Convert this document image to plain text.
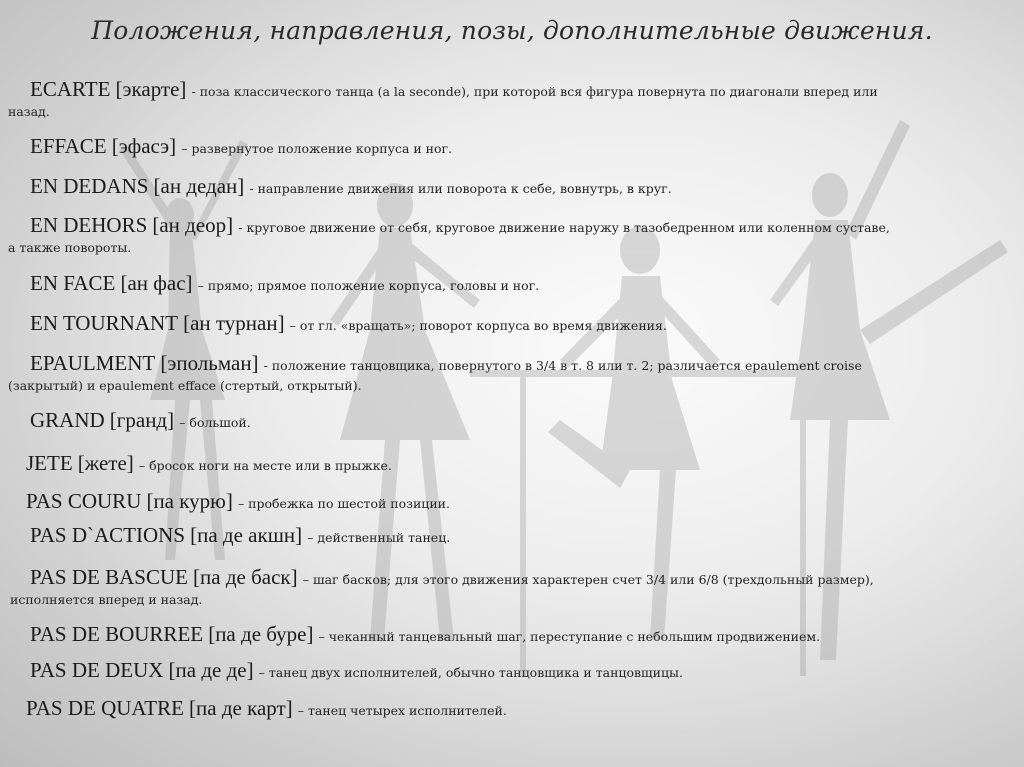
Положения, направления, позы, дополнительные движения.
ECARTE [экарте] - поза классического танца (a la seconde), при которой вся фигура повернута по диагонали вперед или
назад.
EFFACE [эфасэ] – развернутое положение корпуса и ног.
EN DEDANS [ан дедан] - направление движения или поворота к себе, вовнутрь, в круг.
EN DEHORS [ан деор] - круговое движение от себя, круговое движение наружу в тазобедренном или коленном суставе,
а также повороты.
EN FACE [ан фас] – прямо; прямое положение корпуса, головы и ног.
EN TOURNANT [ан турнан] – от гл. «вращать»; поворот корпуса во время движения.
EPAULMENT [эпольман] - положение танцовщика, повернутого в 3/4 в т. 8 или т. 2; различается epaulement croise
(закрытый) и epaulement efface (стертый, открытый).
GRAND [гранд] – большой.
JETE [жете] – бросок ноги на месте или в прыжке.
PAS COURU [па курю] – пробежка по шестой позиции.
PAS D`ACTIONS [па де акшн] – действенный танец.
PAS DE BASCUE [па де баск] – шаг басков; для этого движения характерен счет 3/4 или 6/8 (трехдольный размер),
исполняется вперед и назад.
PAS DE BOURREE [па де буре] – чеканный танцевальный шаг, переступание с небольшим продвижением.
PAS DE DEUX [па де де] – танец двух исполнителей, обычно танцовщика и танцовщицы.
PAS DE QUATRE [па де карт] – танец четырех исполнителей.
